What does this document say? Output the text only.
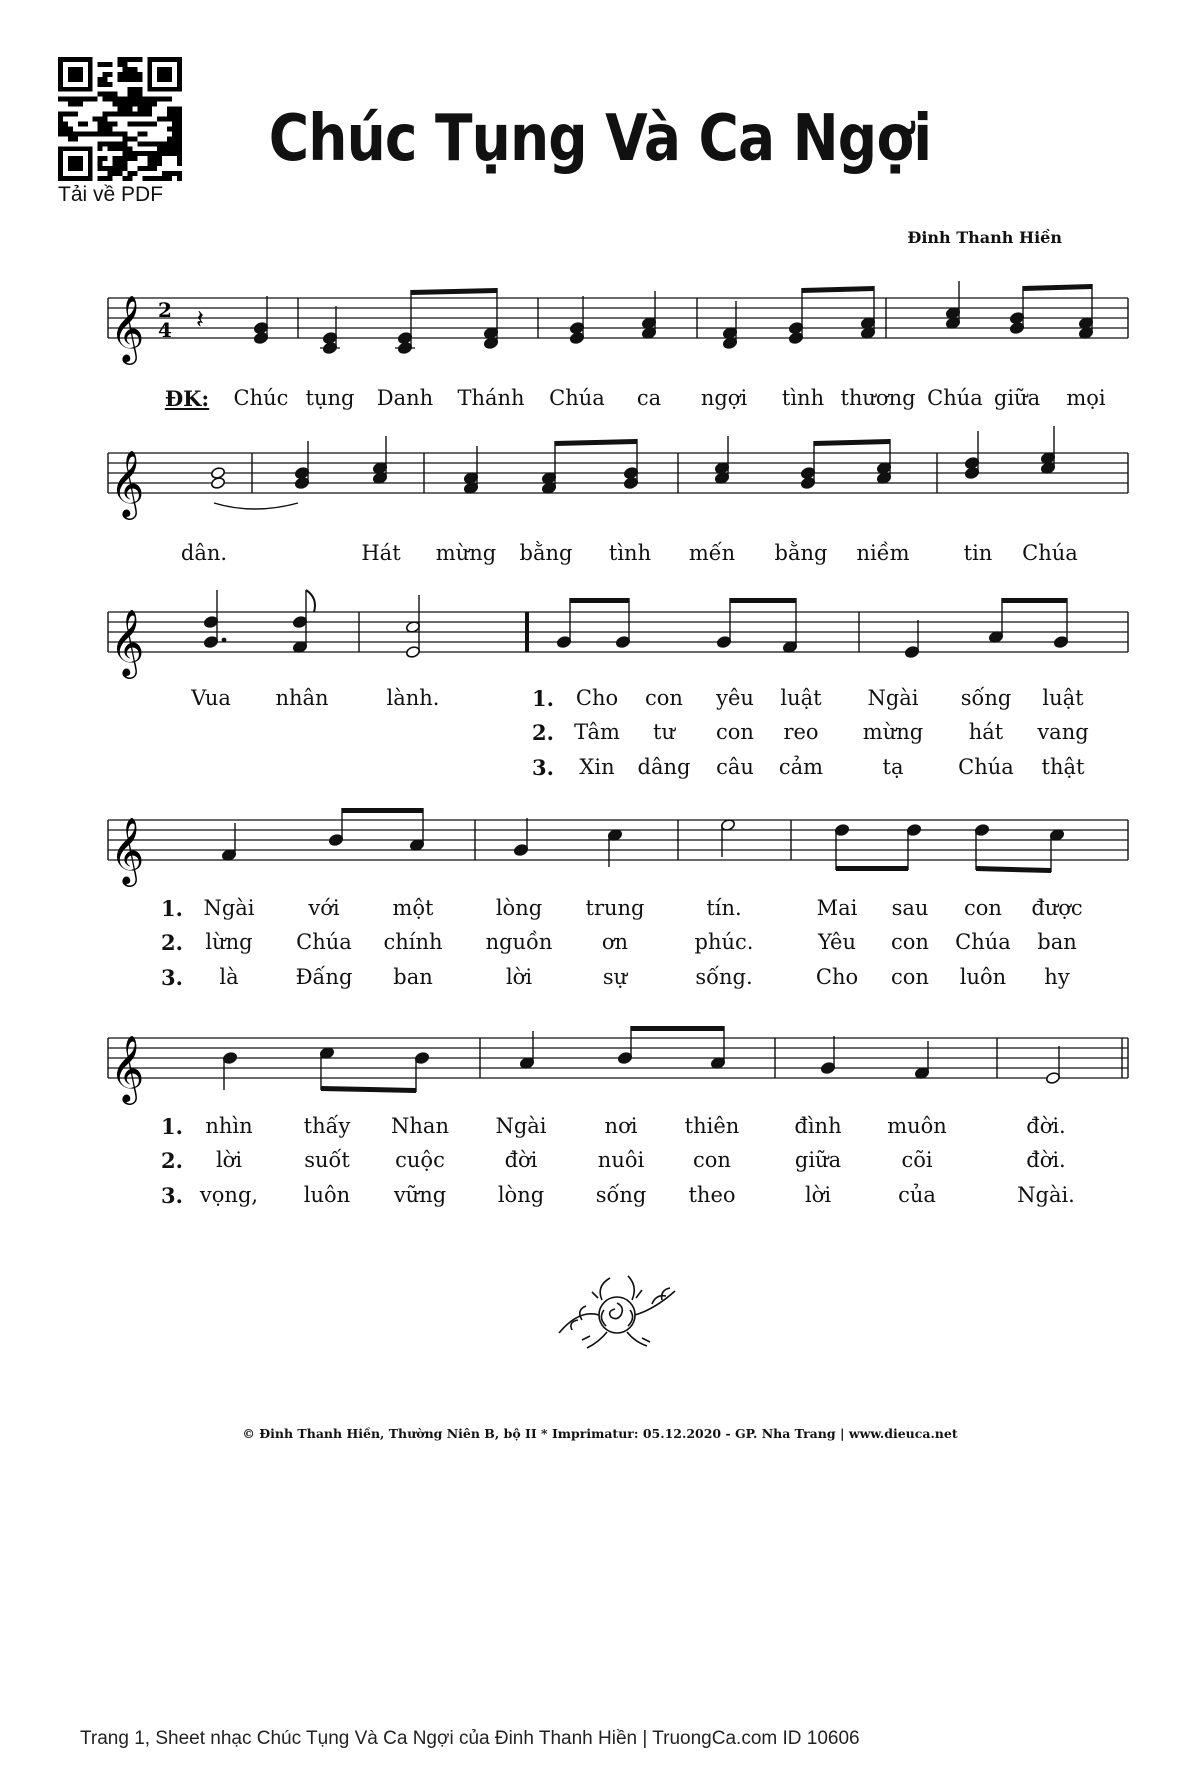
Tải về PDF
Chúc Tụng Và Ca Ngợi
Đinh Thanh Hiền
𝄞 2
4 𝄽
𝄞
𝄞
𝄞
𝄞
ĐK: Chúc tụng Danh Thánh Chúa ca ngợi tình thương Chúa giữa mọi
dân.	Hát mừng bằng tình mến bằng niềm	tin Chúa
Vua nhân	lành.	1. Cho con yêu luật Ngài sống luật
2. Tâm tư con reo mừng hát vang
3. Xin dâng câu cảm	tạ	Chúa thật
1. Ngài	với	một	lòng trung	tín.	Mai sau con được
2. lừng Chúa chính nguồn ơn	phúc.	Yêu con Chúa ban
3. là	Đấng ban	lời	sự	sống.	Cho con luôn hy
1. nhìn thấy Nhan Ngài	nơi thiên	đình muôn	đời.
2. lời	suốt cuộc	đời	nuôi con	giữa	cõi	đời.
3. vọng, luôn vững lòng sống theo	lời	của	Ngài.
© Đinh Thanh Hiền, Thường Niên B, bộ II * Imprimatur: 05.12.2020 - GP. Nha Trang | www.dieuca.net
Trang 1, Sheet nhạc Chúc Tụng Và Ca Ngợi của Đinh Thanh Hiền | TruongCa.com ID 10606
